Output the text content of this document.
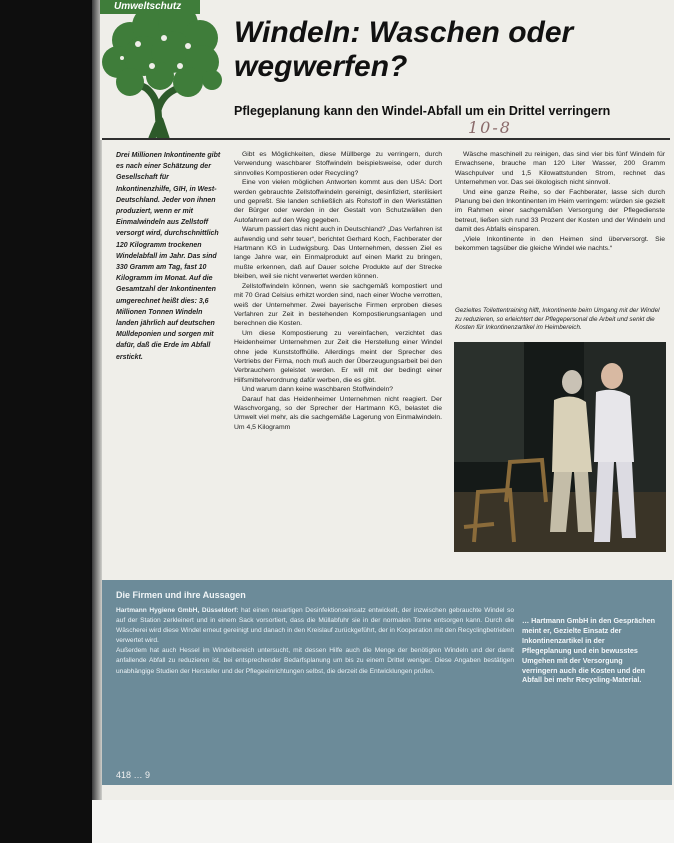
Umweltschutz
Windeln: Waschen oder wegwerfen?
Pflegeplanung kann den Windel-Abfall um ein Drittel verringern
10-8
Drei Millionen Inkontinente gibt es nach einer Schätzung der Gesellschaft für Inkontinenzhilfe, GIH, in West-Deutschland. Jeder von ihnen produziert, wenn er mit Einmalwindeln aus Zellstoff versorgt wird, durchschnittlich 120 Kilogramm trockenen Windelabfall im Jahr. Das sind 330 Gramm am Tag, fast 10 Kilogramm im Monat. Auf die Gesamtzahl der Inkontinenten umgerechnet heißt dies: 3,6 Millionen Tonnen Windeln landen jährlich auf deutschen Mülldeponien und sorgen mit dafür, daß die Erde im Abfall erstickt.

Gibt es Möglichkeiten, diese Müllberge zu verringern, durch Verwendung waschbarer Stoffwindeln beispielsweise, oder durch sinnvolles Kompostieren oder Recycling?

Eine von vielen möglichen Antworten kommt aus den USA: Dort werden gebrauchte Zellstoffwindeln gereinigt, desinfiziert, sterilisiert und gepreßt. Sie landen schließlich als Rohstoff in den Werkstätten der Bürger oder werden in der Gestalt von Schutzwällen den Autofahrern auf den Weg gegeben.

Warum passiert das nicht auch in Deutschland? „Das Verfahren ist aufwendig und sehr teuer“, berichtet Gerhard Koch, Fachberater der Hartmann KG in Ludwigsburg. Das Unternehmen, dessen Ziel es lange Jahre war, ein Einmalprodukt auf einen Markt zu bringen, mußte erkennen, daß auf Dauer solche Produkte auf der Strecke bleiben, weil sie nicht verwertet werden können.

Zellstoffwindeln können, wenn sie sachgemäß kompostiert und mit 70 Grad Celsius erhitzt worden sind, nach einer Woche verrotten, weiß der Unternehmer. Zwei bayerische Firmen erproben dieses Verfahren zur Zeit in bestehenden Kompostierungsanlagen und berechnen die Kosten.

Um diese Kompostierung zu vereinfachen, verzichtet das Heidenheimer Unternehmen zur Zeit die Herstellung einer Windel ohne jede Kunststoffhülle. Allerdings meint der Sprecher des Vertriebs der Firma, noch muß auch der Überzeugungsarbeit bei den Verbrauchern geleistet werden. Er will mit der bedingt einer Hilfsmittelverordnung dafür werben, die es gibt.

Und warum dann keine waschbaren Stoffwindeln?

Darauf hat das Heidenheimer Unternehmen nicht reagiert. Der Waschvorgang, so der Sprecher der Hartmann KG, belastet die Umwelt viel mehr, als die sachgemäße Lagerung von Einmalwindeln. Um 4,5 Kilogramm

Wäsche maschinell zu reinigen, das sind vier bis fünf Windeln für Erwachsene, brauche man 120 Liter Wasser, 200 Gramm Waschpulver und 1,5 Kilowattstunden Strom, rechnet das Unternehmen vor. Das sei ökologisch nicht sinnvoll.

Und eine ganze Reihe, so der Fachberater, lasse sich durch Planung bei den Inkontinenten im Heim verringern: würden sie gezielt im Rahmen einer sachgemäßen Versorgung der Pflegedienste betreut, ließen sich rund 33 Prozent der Kosten und der Windeln und damit des Abfalls einsparen.

„Viele Inkontinente in den Heimen sind überversorgt. Sie bekommen tagsüber die gleiche Windel wie nachts.“

Gezieltes Toilettentraining hilft, Inkontinente beim Umgang mit der Windel zu reduzieren, so erleichtert der Pflegepersonal die Arbeit und senkt die Kosten für Inkontinenzartikel im Heimbereich.
Die Firmen und ihre Aussagen

Hartmann Hygiene GmbH, Düsseldorf: hat einen neuartigen Desinfektionseinsatz entwickelt, der inzwischen gebrauchte Windel so auf der Station zerkleinert und in einem Sack vorsortiert, dass die Müllabfuhr sie in der normalen Tonne entsorgen kann. Durch die Wäscherei wird diese Windel erneut gereinigt und danach in den Kreislauf zurückgeführt, der in Kooperation mit den Recyclingbetrieben verwertet wird.

Außerdem hat auch Hessel im Windelbereich untersucht, mit dessen Hilfe auch die Menge der benötigten Windeln und der damit anfallende Abfall zu reduzieren ist, bei entsprechender Bedarfsplanung um bis zu einem Drittel weniger. Diese Angaben bestätigen unabhängige Studien der Hersteller und der Pflegeeinrichtungen selbst, die derzeit die Entwicklungen prüfen.

… Hartmann GmbH in den Gesprächen meint er, Gezielte Einsatz der Inkontinenzartikel in der Pflegeplanung und ein bewusstes Umgehen mit der Versorgung verringern auch die Kosten und den Abfall bei mehr Recycling-Material.
418 … 9
